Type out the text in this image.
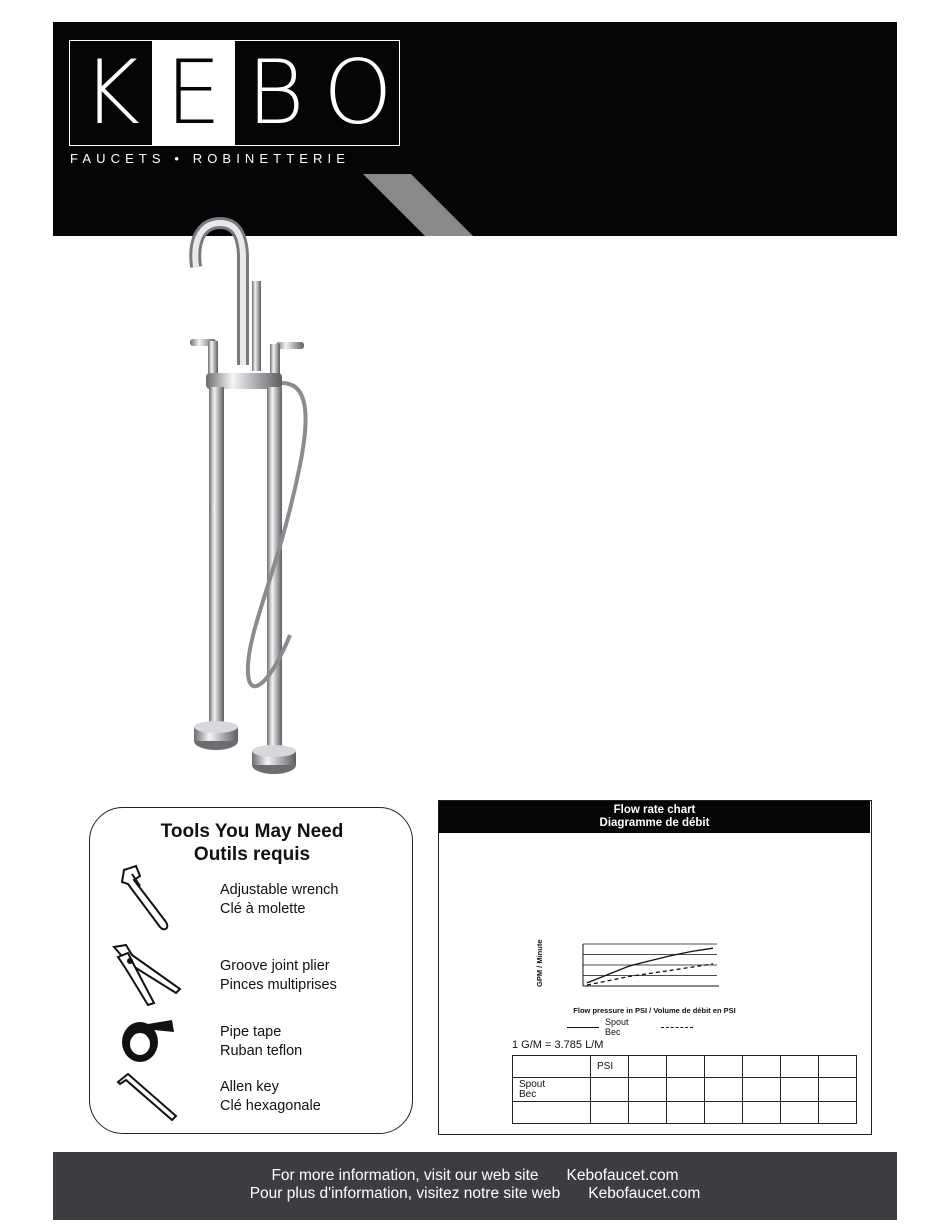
K E B O
FAUCETS • ROBINETTERIE
Tools You May Need
Outils requis
Adjustable wrench
Clé à molette
Groove joint plier
Pinces multiprises
Pipe tape
Ruban teflon
Allen key
Clé hexagonale
Flow rate chart
Diagramme de débit
GPM / Minute
Flow pressure in PSI / Volume de débit en PSI
Spout
Bec
1 G/M = 3.785 L/M
	PSI						

Spout
Bec							

For more information, visit our web site Kebofaucet.com
Pour plus d'information, visitez notre site web Kebofaucet.com
